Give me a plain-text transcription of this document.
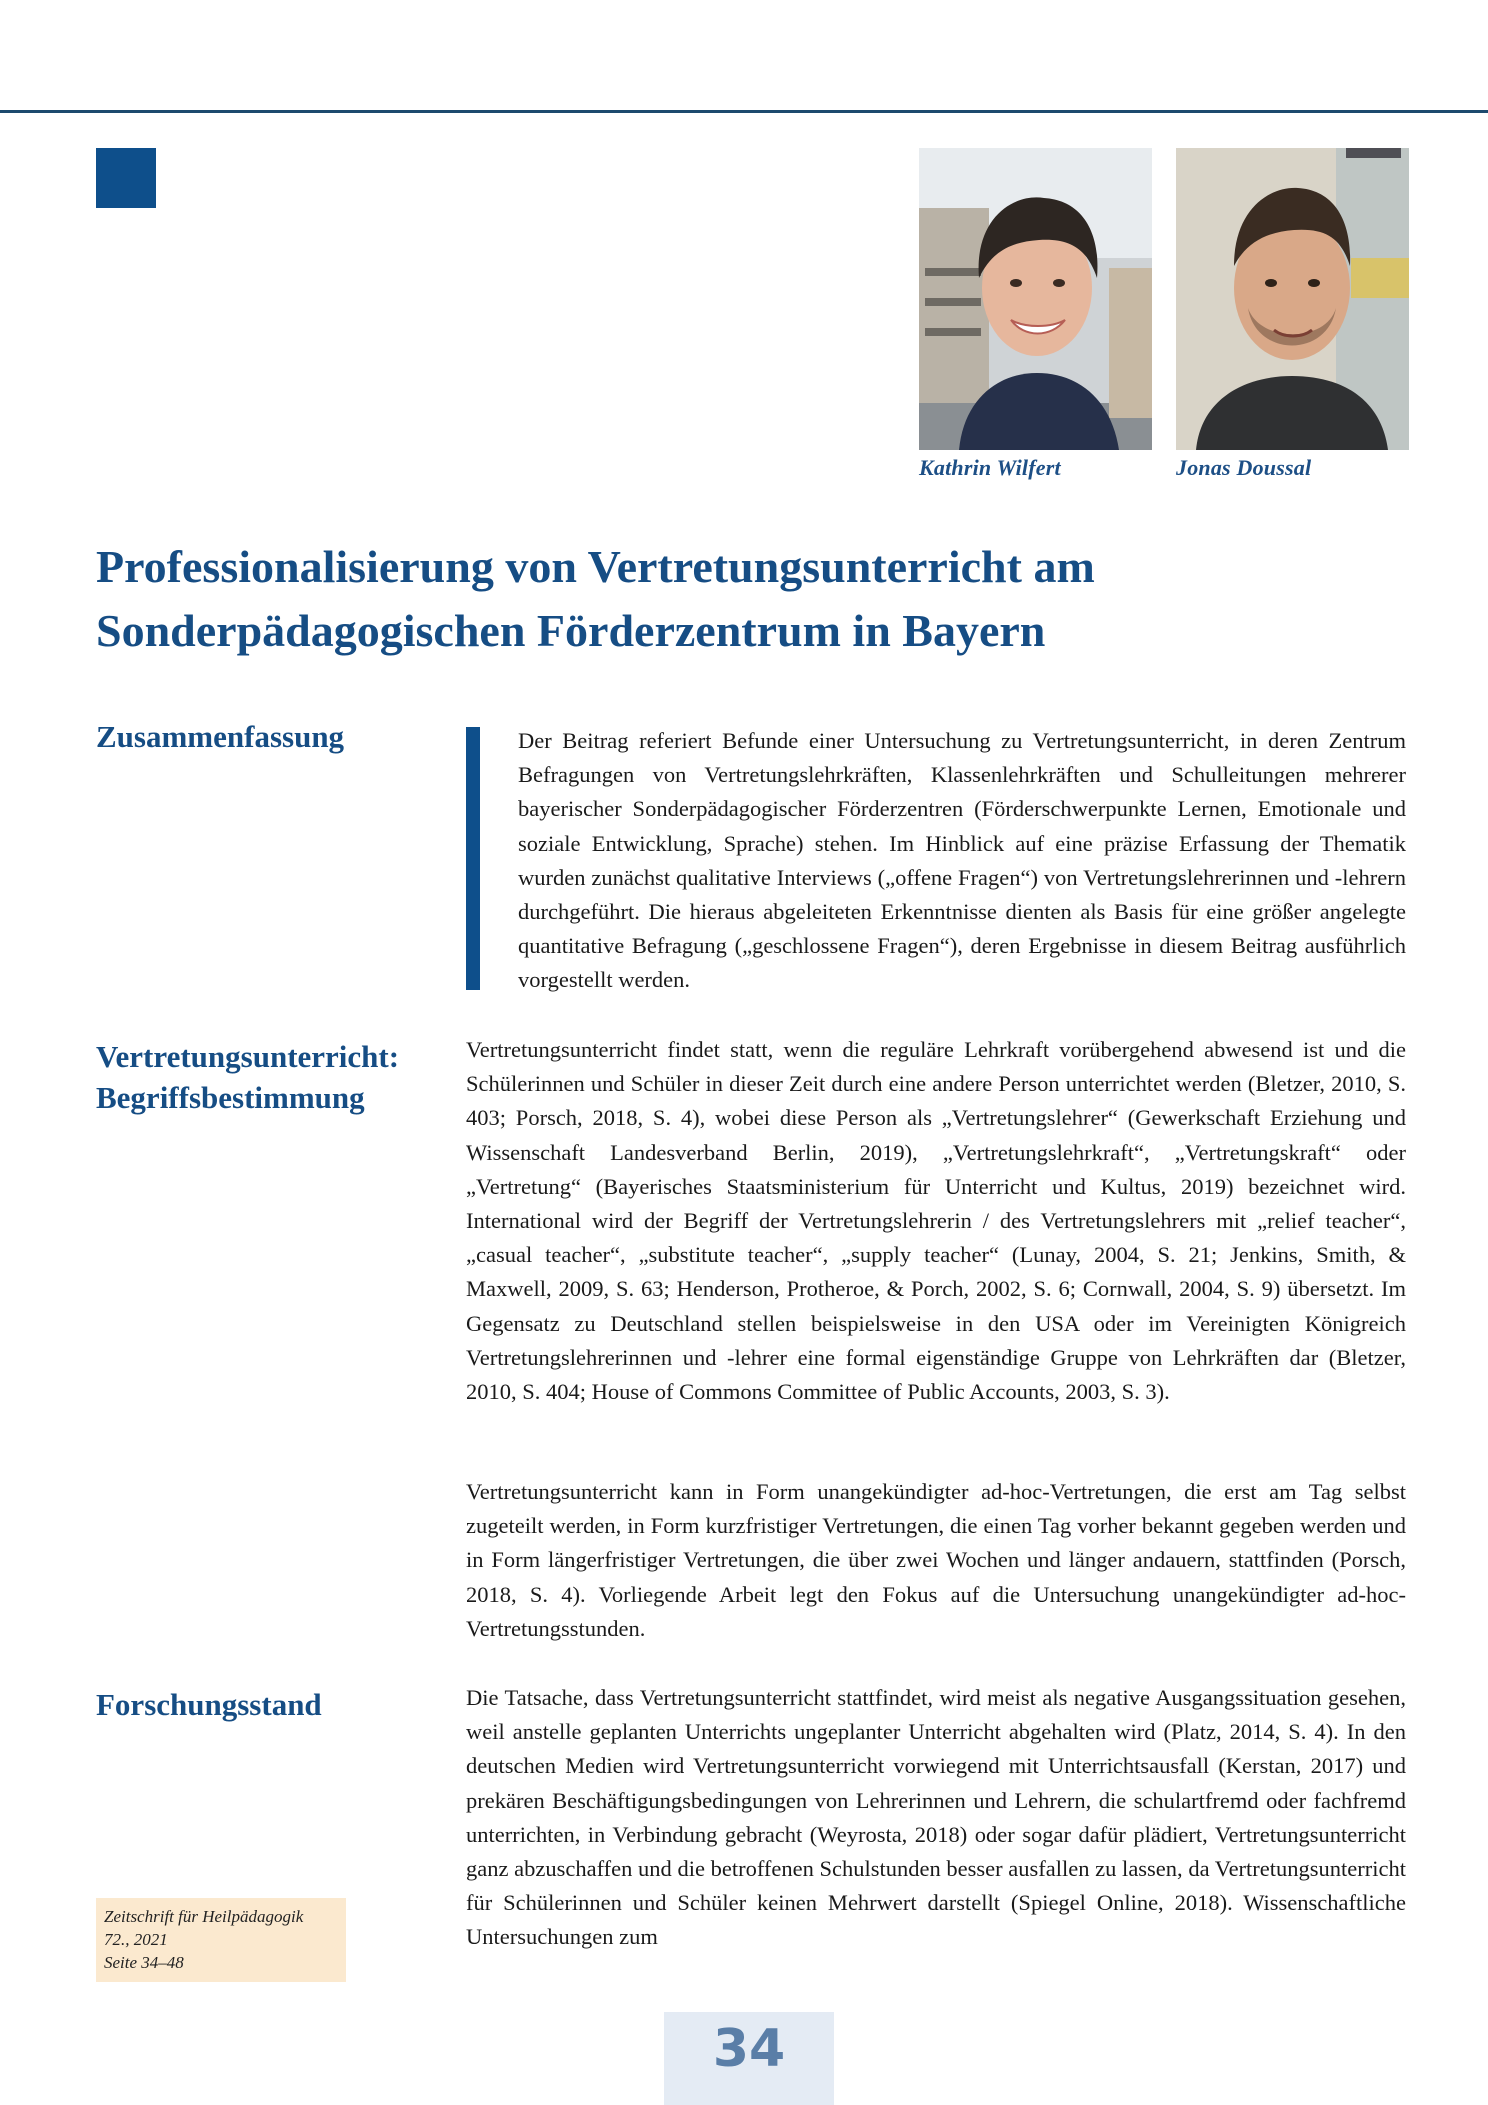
Kathrin Wilfert	Jonas Doussal
Professionalisierung von Vertretungsunterricht am
Sonderpädagogischen Förderzentrum in Bayern
Zusammenfassung	Der Beitrag referiert Befunde einer Untersuchung zu Vertretungsunterricht, in deren Zentrum Befragungen von Vertretungslehrkräften, Klassenlehrkräften und Schulleitungen mehrerer bayerischer Sonderpädagogischer Förderzentren (Förderschwerpunkte Lernen, Emotionale und soziale Entwicklung, Sprache) stehen. Im Hinblick auf eine präzise Erfassung der Thematik wurden zunächst qualitative Interviews („offene Fragen“) von Vertretungslehrerinnen und -lehrern durchgeführt. Die hieraus abgeleiteten Erkenntnisse dienten als Basis für eine größer angelegte quantitative Befragung („geschlossene Fragen“), deren Ergebnisse in diesem Beitrag ausführlich vorgestellt werden.

Vertretungsunterricht:
Begriffsbestimmung

Vertretungsunterricht findet statt, wenn die reguläre Lehrkraft vorübergehend abwesend ist und die Schülerinnen und Schüler in dieser Zeit durch eine andere Person unterrichtet werden (Bletzer, 2010, S. 403; Porsch, 2018, S. 4), wobei diese Person als „Vertretungslehrer“ (Gewerkschaft Erziehung und Wissenschaft Landesverband Berlin, 2019), „Vertretungslehrkraft“, „Vertretungskraft“ oder „Vertretung“ (Bayerisches Staatsministerium für Unterricht und Kultus, 2019) bezeichnet wird. International wird der Begriff der Vertretungslehrerin / des Vertretungslehrers mit „relief teacher“, „casual teacher“, „substitute teacher“, „supply teacher“ (Lunay, 2004, S. 21; Jenkins, Smith, & Maxwell, 2009, S. 63; Henderson, Protheroe, & Porch, 2002, S. 6; Cornwall, 2004, S. 9) übersetzt. Im Gegensatz zu Deutschland stellen beispielsweise in den USA oder im Vereinigten Königreich Vertretungslehrerinnen und -lehrer eine formal eigenständige Gruppe von Lehrkräften dar (Bletzer, 2010, S. 404; House of Commons Committee of Public Accounts, 2003, S. 3).

Vertretungsunterricht kann in Form unangekündigter ad-hoc-Vertretungen, die erst am Tag selbst zugeteilt werden, in Form kurzfristiger Vertretungen, die einen Tag vorher bekannt gegeben werden und in Form längerfristiger Vertretungen, die über zwei Wochen und länger andauern, stattfinden (Porsch, 2018, S. 4). Vorliegende Arbeit legt den Fokus auf die Untersuchung unangekündigter ad-hoc-Vertretungsstunden.

Forschungsstand	Die Tatsache, dass Vertretungsunterricht stattfindet, wird meist als negative Ausgangssituation gesehen, weil anstelle geplanten Unterrichts ungeplanter Unterricht abgehalten wird (Platz, 2014, S. 4). In den deutschen Medien wird Vertretungsunterricht vorwiegend mit Unterrichtsausfall (Kerstan, 2017) und prekären Beschäftigungsbedingungen von Lehrerinnen und Lehrern, die schulartfremd oder fachfremd unterrichten, in Verbindung gebracht (Weyrosta, 2018) oder sogar dafür plädiert, Vertretungsunterricht ganz abzuschaffen und die betroffenen Schulstunden besser ausfallen zu lassen, da Vertretungsunterricht für Schülerinnen und Schüler keinen Mehrwert darstellt (Spiegel Online, 2018). Wissenschaftliche Untersuchungen zum

Zeitschrift für Heilpädagogik
72., 2021
Seite 34–48
34
